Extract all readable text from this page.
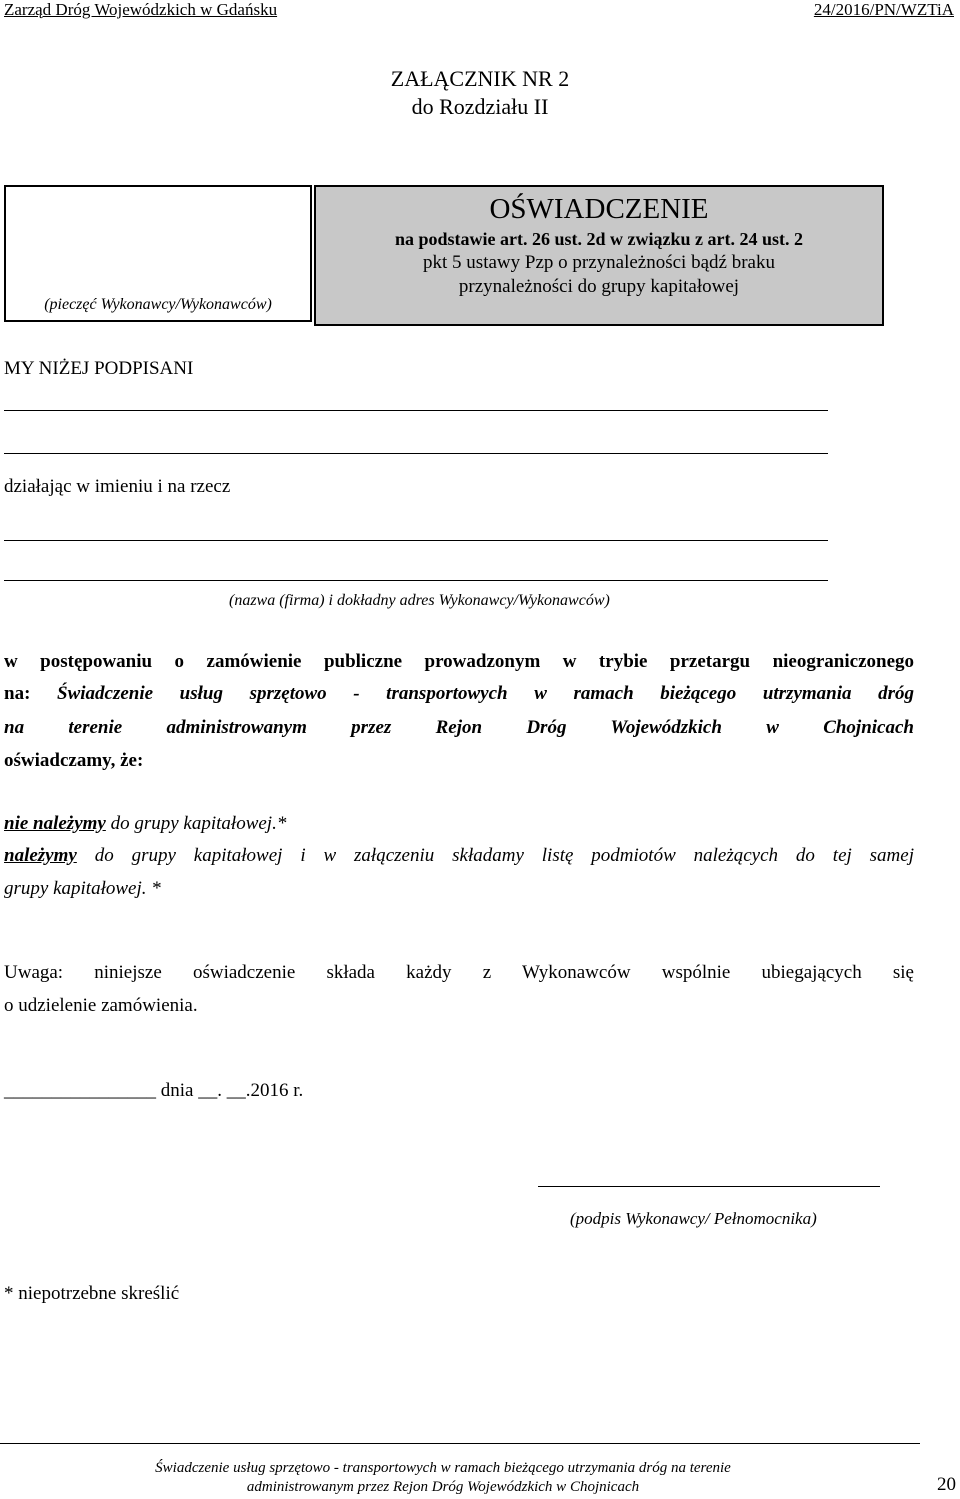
Zarząd Dróg Wojewódzkich w Gdańsku	24/2016/PN/WZTiA
ZAŁĄCZNIK NR 2
do Rozdziału II
(pieczęć Wykonawcy/Wykonawców)
OŚWIADCZENIE
na podstawie art. 26 ust. 2d w związku z art. 24 ust. 2
pkt 5 ustawy Pzp o przynależności bądź braku
przynależności do grupy kapitałowej
MY NIŻEJ PODPISANI
działając w imieniu i na rzecz
(nazwa (firma) i dokładny adres Wykonawcy/Wykonawców)
w postępowaniu o zamówienie publiczne prowadzonym w trybie przetargu nieograniczonego
na: Świadczenie usług sprzętowo - transportowych w ramach bieżącego utrzymania dróg
na terenie administrowanym przez Rejon Dróg Wojewódzkich w Chojnicach
oświadczamy, że:
nie należymy do grupy kapitałowej.*
należymy do grupy kapitałowej i w załączeniu składamy listę podmiotów należących do tej samej
grupy kapitałowej. *
Uwaga: niniejsze oświadczenie składa każdy z Wykonawców wspólnie ubiegających się
o udzielenie zamówienia.
________________ dnia __. __.2016 r.
(podpis Wykonawcy/ Pełnomocnika)
* niepotrzebne skreślić
Świadczenie usług sprzętowo - transportowych w ramach bieżącego utrzymania dróg na terenie
administrowanym przez Rejon Dróg Wojewódzkich w Chojnicach	20
